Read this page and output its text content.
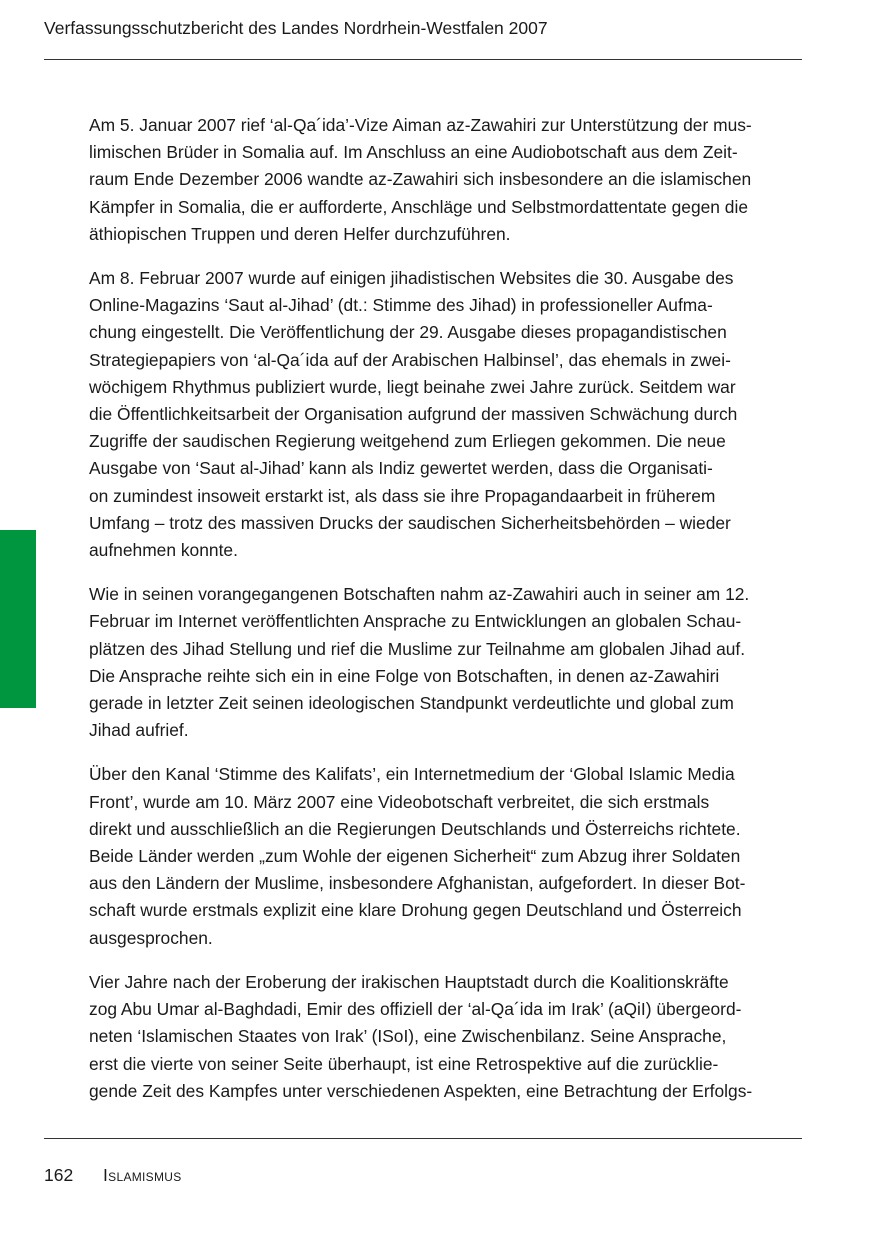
Verfassungsschutzbericht des Landes Nordrhein-Westfalen 2007

Am 5. Januar 2007 rief ‘al-Qa´ida’-Vize Aiman az-Zawahiri zur Unterstützung der mus-
limischen Brüder in Somalia auf. Im Anschluss an eine Audiobotschaft aus dem Zeit-
raum Ende Dezember 2006 wandte az-Zawahiri sich insbesondere an die islamischen
Kämpfer in Somalia, die er aufforderte, Anschläge und Selbstmordattentate gegen die
äthiopischen Truppen und deren Helfer durchzuführen.

Am 8. Februar 2007 wurde auf einigen jihadistischen Websites die 30. Ausgabe des
Online-Magazins ‘Saut al-Jihad’ (dt.: Stimme des Jihad) in professioneller Aufma-
chung eingestellt. Die Veröffentlichung der 29. Ausgabe dieses propagandistischen
Strategiepapiers von ‘al-Qa´ida auf der Arabischen Halbinsel’, das ehemals in zwei-
wöchigem Rhythmus publiziert wurde, liegt beinahe zwei Jahre zurück. Seitdem war
die Öffentlichkeitsarbeit der Organisation aufgrund der massiven Schwächung durch
Zugriffe der saudischen Regierung weitgehend zum Erliegen gekommen. Die neue
Ausgabe von ‘Saut al-Jihad’ kann als Indiz gewertet werden, dass die Organisati-
on zumindest insoweit erstarkt ist, als dass sie ihre Propagandaarbeit in früherem
Umfang – trotz des massiven Drucks der saudischen Sicherheitsbehörden – wieder
aufnehmen konnte.

Wie in seinen vorangegangenen Botschaften nahm az-Zawahiri auch in seiner am 12.
Februar im Internet veröffentlichten Ansprache zu Entwicklungen an globalen Schau-
plätzen des Jihad Stellung und rief die Muslime zur Teilnahme am globalen Jihad auf.
Die Ansprache reihte sich ein in eine Folge von Botschaften, in denen az-Zawahiri
gerade in letzter Zeit seinen ideologischen Standpunkt verdeutlichte und global zum
Jihad aufrief.

Über den Kanal ‘Stimme des Kalifats’, ein Internetmedium der ‘Global Islamic Media
Front’, wurde am 10. März 2007 eine Videobotschaft verbreitet, die sich erstmals
direkt und ausschließlich an die Regierungen Deutschlands und Österreichs richtete.
Beide Länder werden „zum Wohle der eigenen Sicherheit“ zum Abzug ihrer Soldaten
aus den Ländern der Muslime, insbesondere Afghanistan, aufgefordert. In dieser Bot-
schaft wurde erstmals explizit eine klare Drohung gegen Deutschland und Österreich
ausgesprochen.

Vier Jahre nach der Eroberung der irakischen Hauptstadt durch die Koalitionskräfte
zog Abu Umar al-Baghdadi, Emir des offiziell der ‘al-Qa´ida im Irak’ (aQiI) übergeord-
neten ‘Islamischen Staates von Irak’ (ISoI), eine Zwischenbilanz. Seine Ansprache,
erst die vierte von seiner Seite überhaupt, ist eine Retrospektive auf die zurücklie-
gende Zeit des Kampfes unter verschiedenen Aspekten, eine Betrachtung der Erfolgs-

162 Islamismus
